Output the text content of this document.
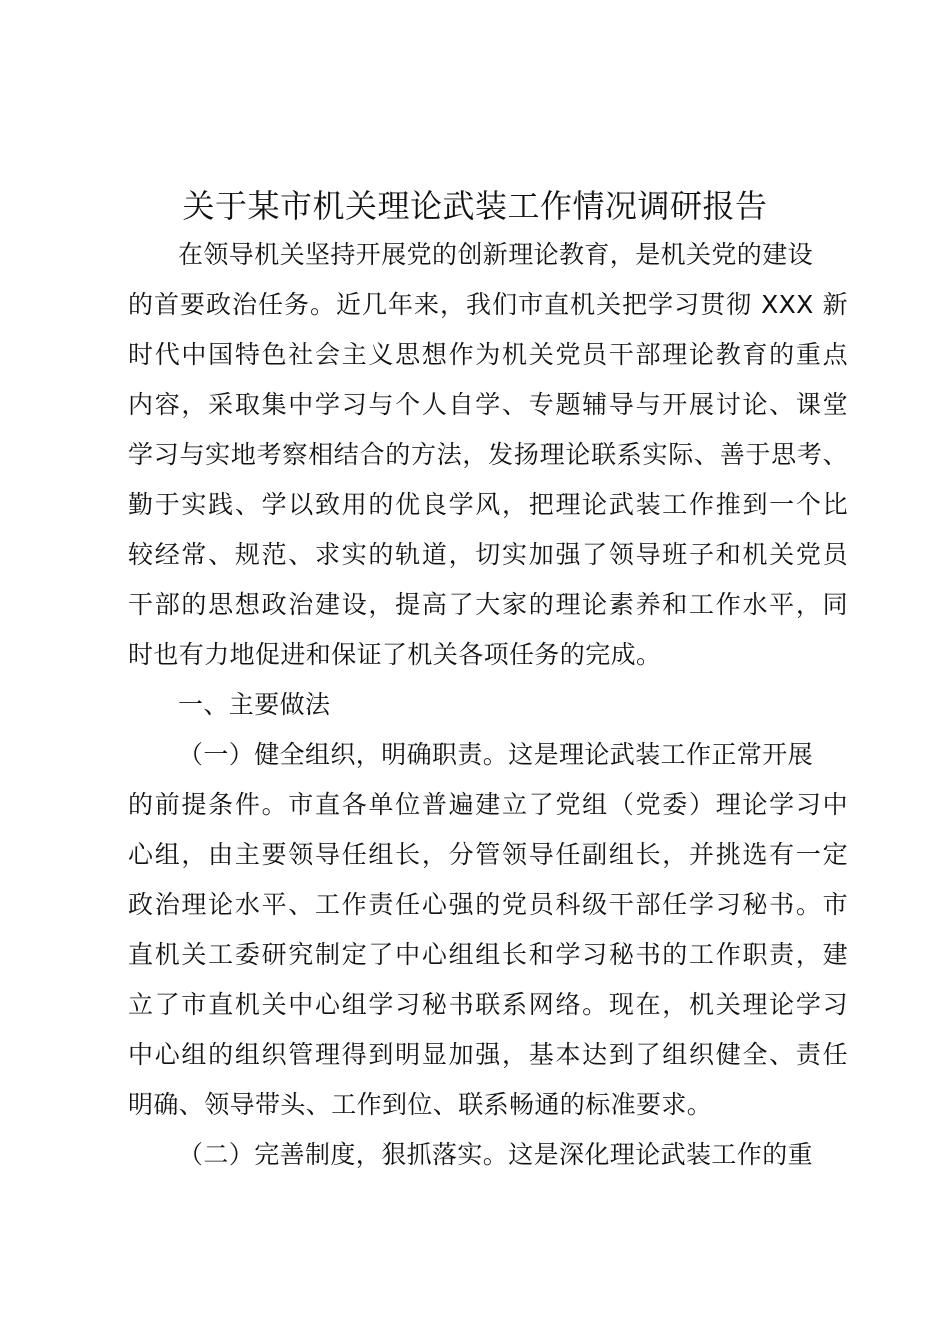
关于某市机关理论武装工作情况调研报告
在领导机关坚持开展党的创新理论教育，是机关党的建设
的首要政治任务。近几年来，我们市直机关把学习贯彻 XXX 新
时代中国特色社会主义思想作为机关党员干部理论教育的重点
内容，采取集中学习与个人自学、专题辅导与开展讨论、课堂
学习与实地考察相结合的方法，发扬理论联系实际、善于思考、
勤于实践、学以致用的优良学风，把理论武装工作推到一个比
较经常、规范、求实的轨道，切实加强了领导班子和机关党员
干部的思想政治建设，提高了大家的理论素养和工作水平，同
时也有力地促进和保证了机关各项任务的完成。
一、主要做法
（一）健全组织，明确职责。这是理论武装工作正常开展
的前提条件。市直各单位普遍建立了党组（党委）理论学习中
心组，由主要领导任组长，分管领导任副组长，并挑选有一定
政治理论水平、工作责任心强的党员科级干部任学习秘书。市
直机关工委研究制定了中心组组长和学习秘书的工作职责，建
立了市直机关中心组学习秘书联系网络。现在，机关理论学习
中心组的组织管理得到明显加强，基本达到了组织健全、责任
明确、领导带头、工作到位、联系畅通的标准要求。
（二）完善制度，狠抓落实。这是深化理论武装工作的重
